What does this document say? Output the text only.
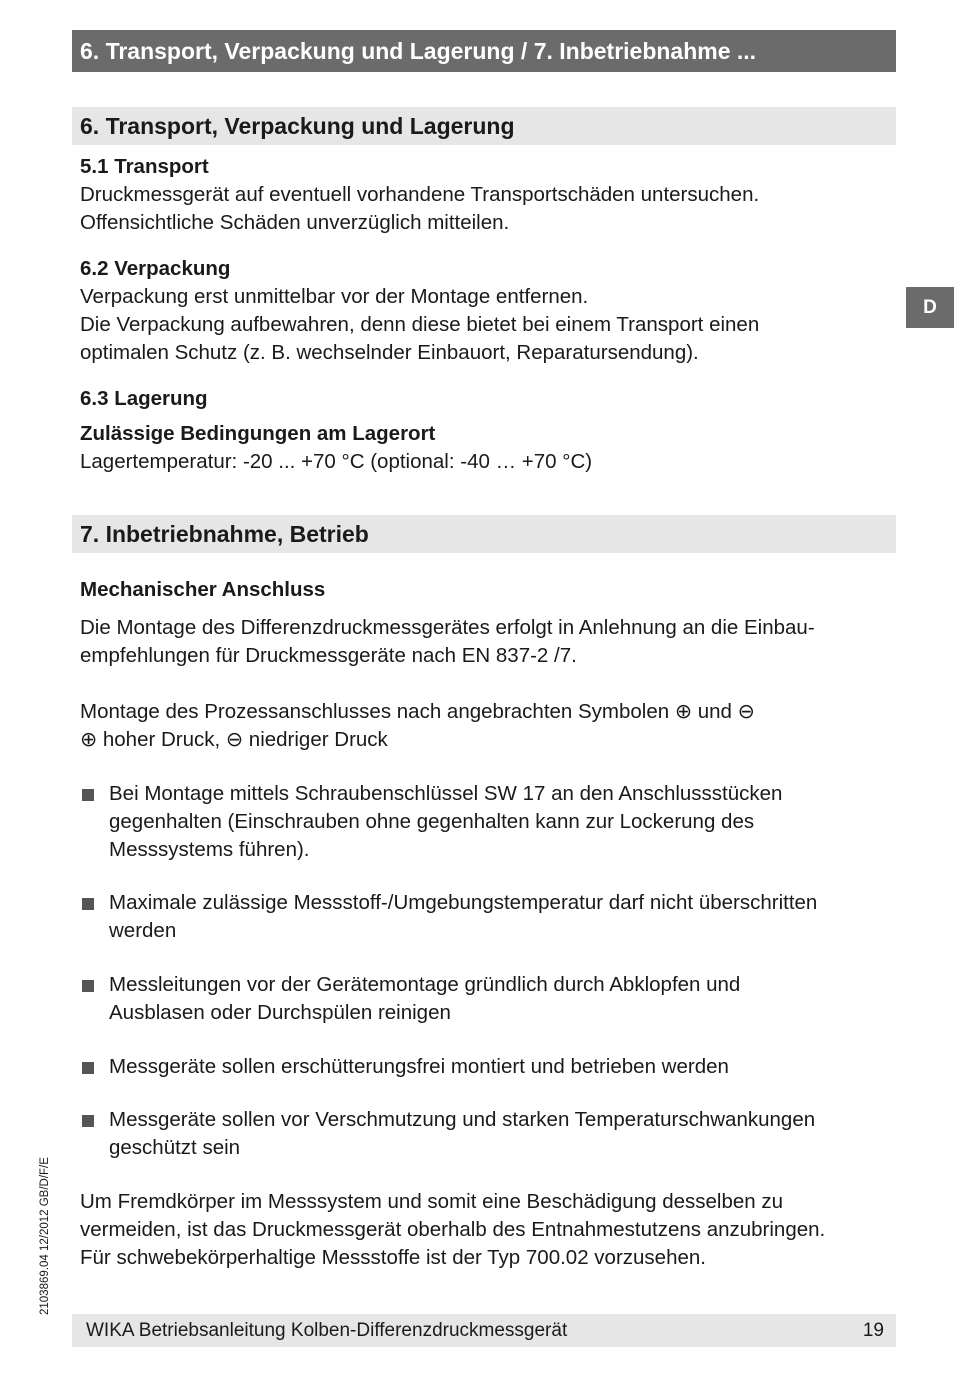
6. Transport, Verpackung und Lagerung / 7. Inbetriebnahme ...
D
6. Transport, Verpackung und Lagerung
5.1 Transport
Druckmessgerät auf eventuell vorhandene Transportschäden untersuchen.
Offensichtliche Schäden unverzüglich mitteilen.
6.2 Verpackung
Verpackung erst unmittelbar vor der Montage entfernen.
Die Verpackung aufbewahren, denn diese bietet bei einem Transport einen
optimalen Schutz (z. B. wechselnder Einbauort, Reparatursendung).
6.3 Lagerung
Zulässige Bedingungen am Lagerort
Lagertemperatur: -20 ... +70 °C (optional: -40 … +70 °C)
7. Inbetriebnahme, Betrieb
Mechanischer Anschluss
Die Montage des Differenzdruckmessgerätes erfolgt in Anlehnung an die Einbau-
empfehlungen für Druckmessgeräte nach EN 837-2 /7.
Montage des Prozessanschlusses nach angebrachten Symbolen ⊕ und ⊖
⊕ hoher Druck, ⊖ niedriger Druck
Bei Montage mittels Schraubenschlüssel SW 17 an den Anschlussstücken
gegenhalten (Einschrauben ohne gegenhalten kann zur Lockerung des
Messsystems führen).
Maximale zulässige Messstoff-/Umgebungstemperatur darf nicht überschritten
werden
Messleitungen vor der Gerätemontage gründlich durch Abklopfen und
Ausblasen oder Durchspülen reinigen
Messgeräte sollen erschütterungsfrei montiert und betrieben werden
Messgeräte sollen vor Verschmutzung und starken Temperaturschwankungen
geschützt sein
Um Fremdkörper im Messsystem und somit eine Beschädigung desselben zu
vermeiden, ist das Druckmessgerät oberhalb des Entnahmestutzens anzubringen.
Für schwebekörperhaltige Messstoffe ist der Typ 700.02 vorzusehen.
2103869.04 12/2012 GB/D/F/E
WIKA Betriebsanleitung Kolben-Differenzdruckmessgerät	19
